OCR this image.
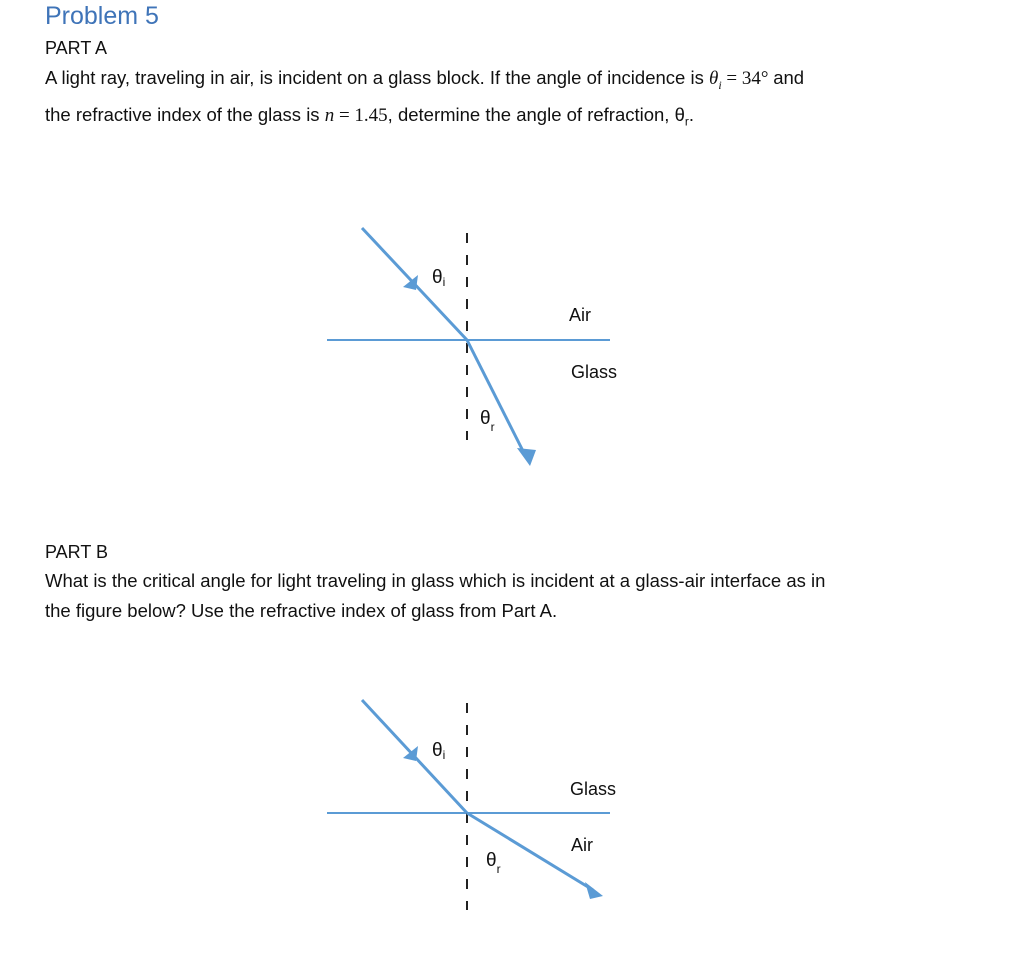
Problem 5

PART A

A light ray, traveling in air, is incident on a glass block. If the angle of incidence is $\theta_i = 34^\circ$ and
the refractive index of the glass is n = 1.45, determine the angle of refraction, $\theta_r$.

θi
$\theta_r$
Air
Glass
θi
$\theta_r$
Glass
Air

PART B

What is the critical angle for light traveling in glass which is incident at a glass-air interface as in
the figure below? Use the refractive index of glass from Part A.
